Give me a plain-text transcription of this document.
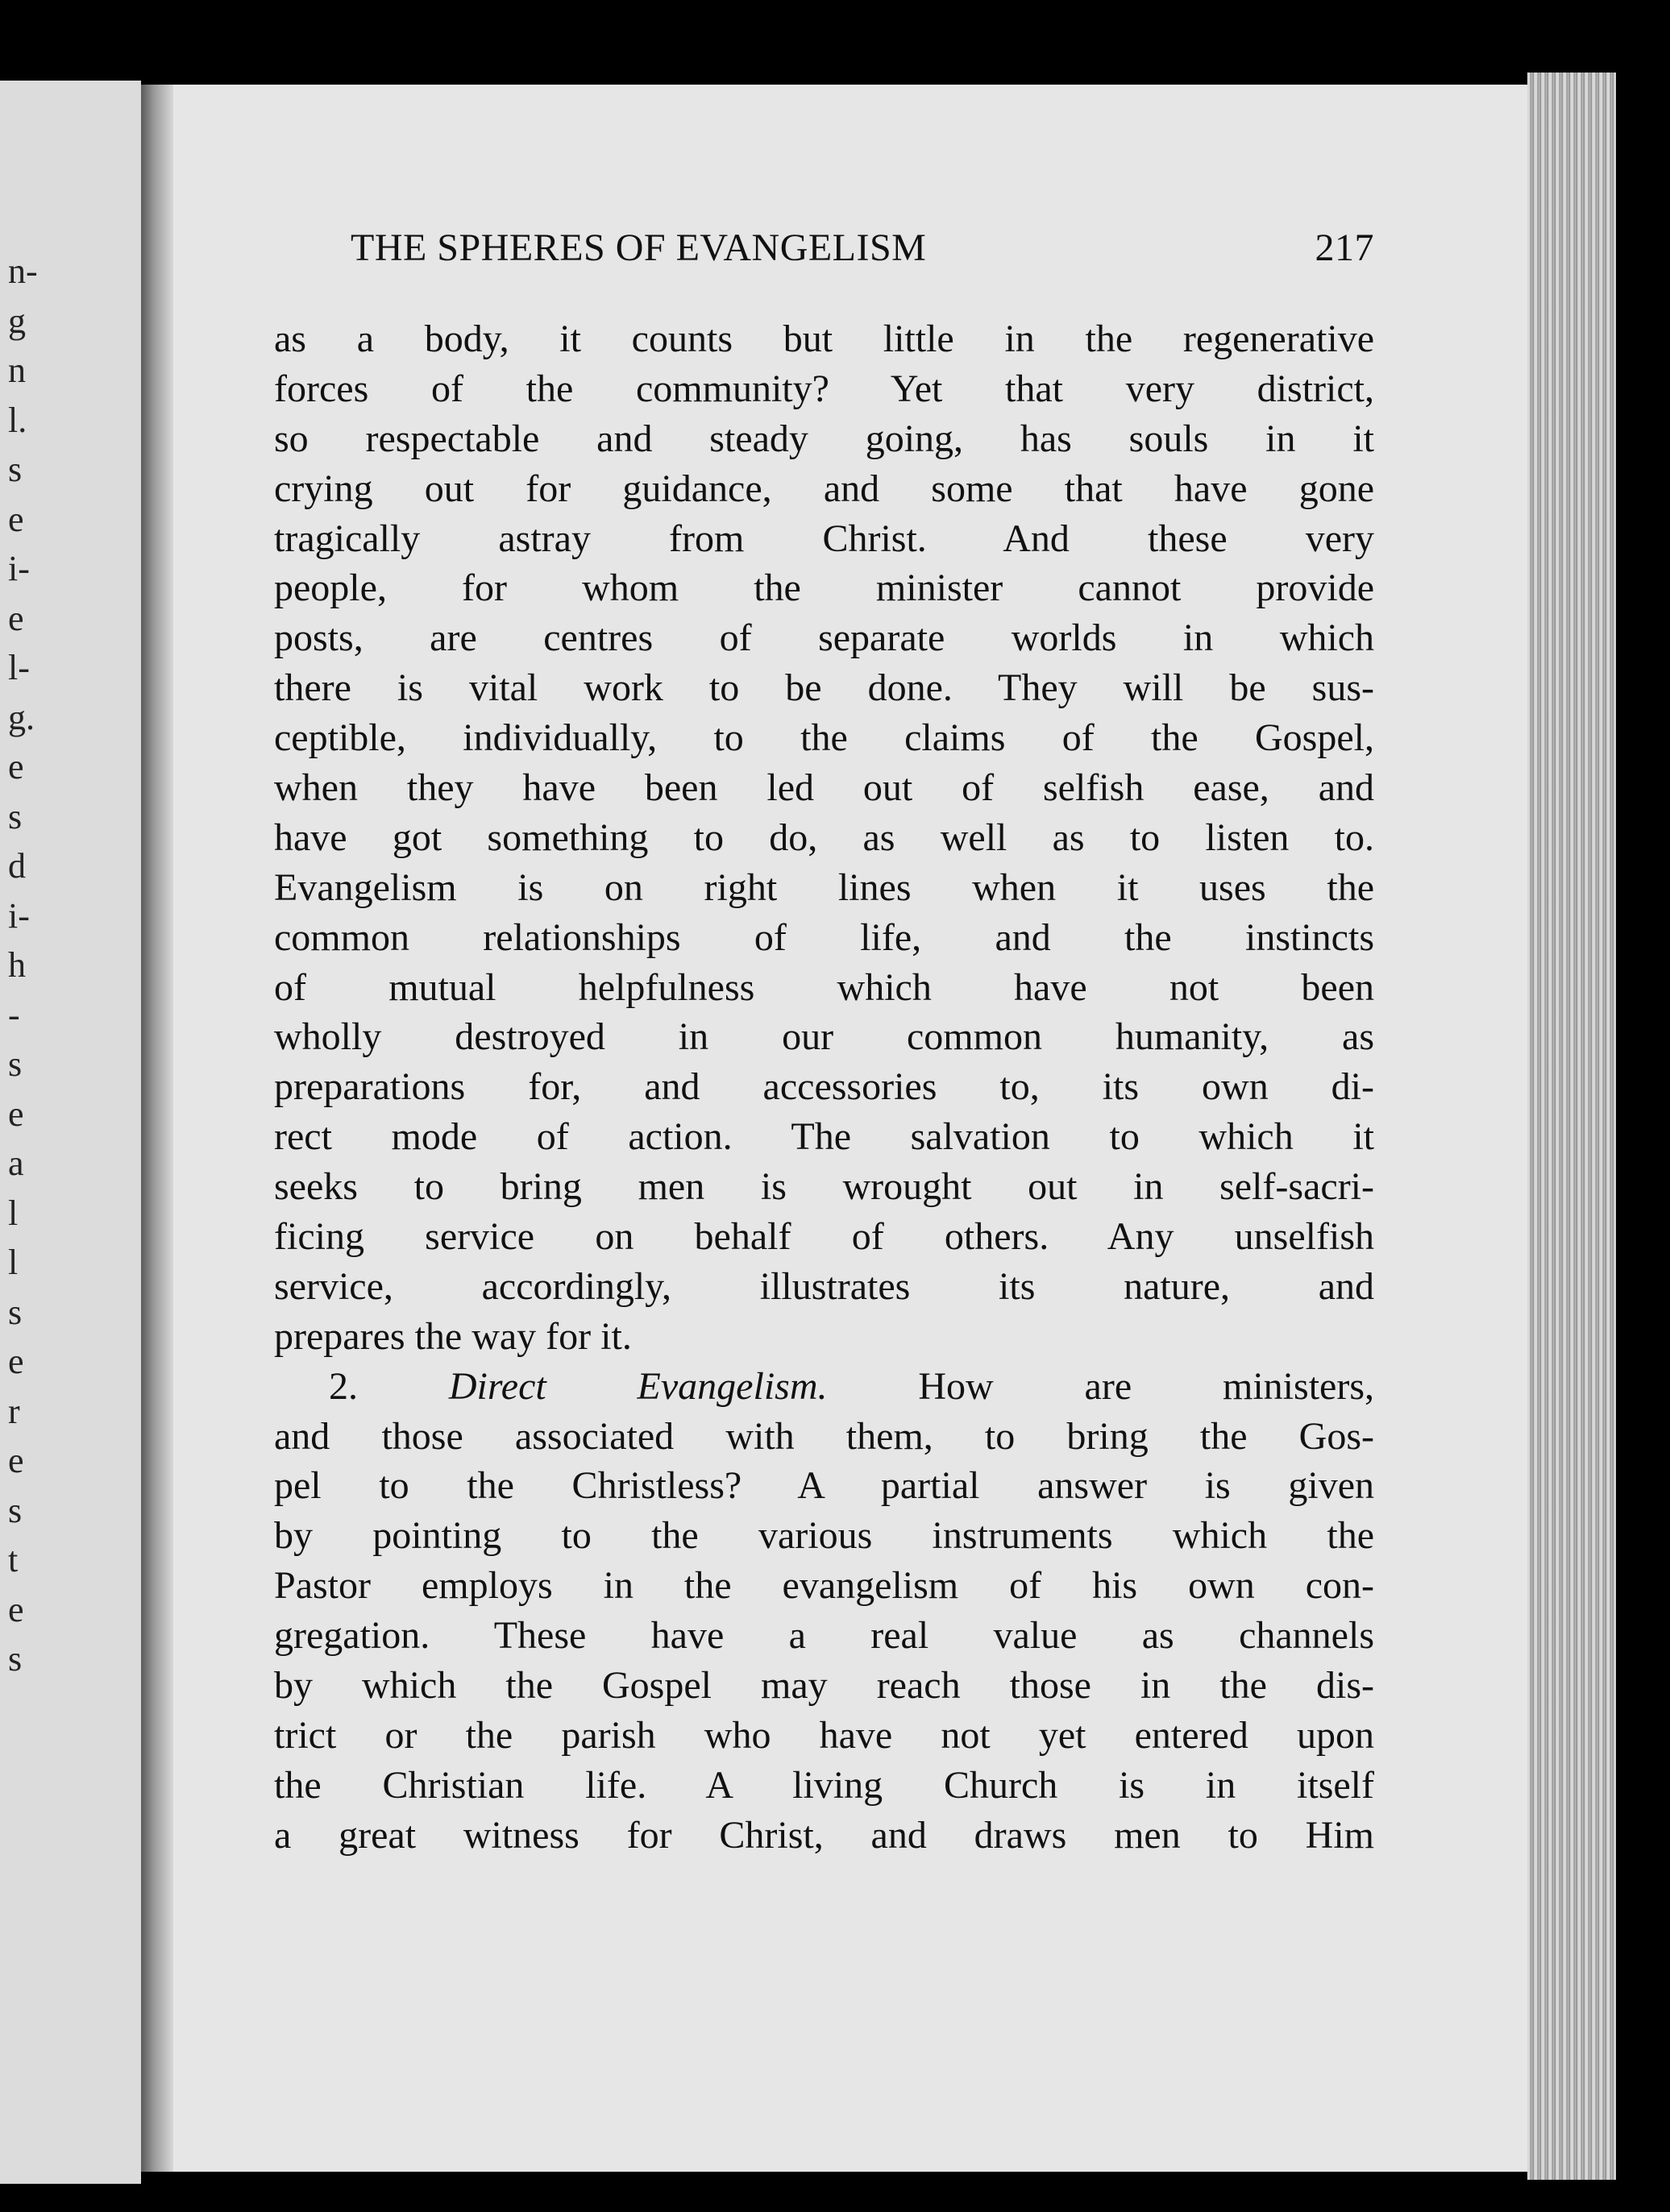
n-
g
n
l.
s
e
i-
e
l-
g.
e
s
d
i-
h
-
s
e
a
l
l
s
e
r
e
s
t
e
s
THE SPHERES OF EVANGELISM	217
as a body, it counts but little in the regenerative
forces of the community? Yet that very district,
so respectable and steady going, has souls in it
crying out for guidance, and some that have gone
tragically astray from Christ. And these very
people, for whom the minister cannot provide
posts, are centres of separate worlds in which
there is vital work to be done. They will be sus-
ceptible, individually, to the claims of the Gospel,
when they have been led out of selfish ease, and
have got something to do, as well as to listen to.
Evangelism is on right lines when it uses the
common relationships of life, and the instincts
of mutual helpfulness which have not been
wholly destroyed in our common humanity, as
preparations for, and accessories to, its own di-
rect mode of action. The salvation to which it
seeks to bring men is wrought out in self-sacri-
ficing service on behalf of others. Any unselfish
service, accordingly, illustrates its nature, and
prepares the way for it.
2. Direct Evangelism. How are ministers,
and those associated with them, to bring the Gos-
pel to the Christless? A partial answer is given
by pointing to the various instruments which the
Pastor employs in the evangelism of his own con-
gregation. These have a real value as channels
by which the Gospel may reach those in the dis-
trict or the parish who have not yet entered upon
the Christian life. A living Church is in itself
a great witness for Christ, and draws men to Him
